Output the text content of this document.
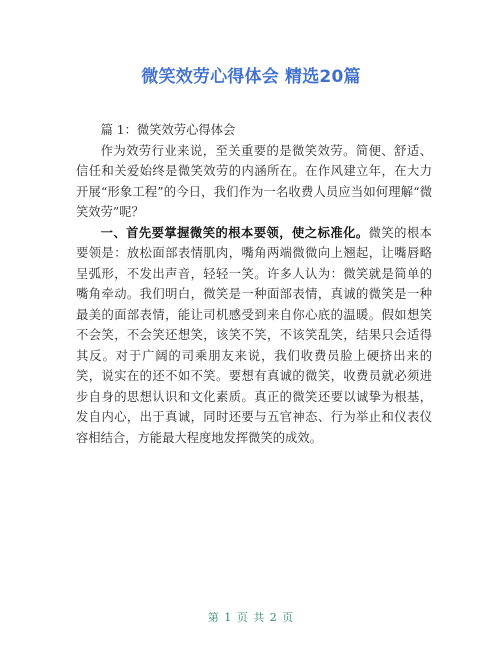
微笑效劳心得体会 精选20篇

篇 1：微笑效劳心得体会

作为效劳行业来说，至关重要的是微笑效劳。简便、舒适、信任和关爱始终是微笑效劳的内涵所在。在作风建立年，在大力开展“形象工程”的今日，我们作为一名收费人员应当如何理解“微笑效劳”呢？

一、首先要掌握微笑的根本要领，使之标准化。微笑的根本要领是：放松面部表情肌肉，嘴角两端微微向上翘起，让嘴唇略呈弧形，不发出声音，轻轻一笑。许多人认为：微笑就是简单的嘴角牵动。我们明白，微笑是一种面部表情，真诚的微笑是一种最美的面部表情，能让司机感受到来自你心底的温暖。假如想笑不会笑，不会笑还想笑，该笑不笑，不该笑乱笑，结果只会适得其反。对于广阔的司乘朋友来说，我们收费员脸上硬挤出来的笑，说实在的还不如不笑。要想有真诚的微笑，收费员就必须进步自身的思想认识和文化素质。真正的微笑还要以诚挚为根基，发自内心，出于真诚，同时还要与五官神态、行为举止和仪表仪容相结合，方能最大程度地发挥微笑的成效。

第 1 页 共 2 页
